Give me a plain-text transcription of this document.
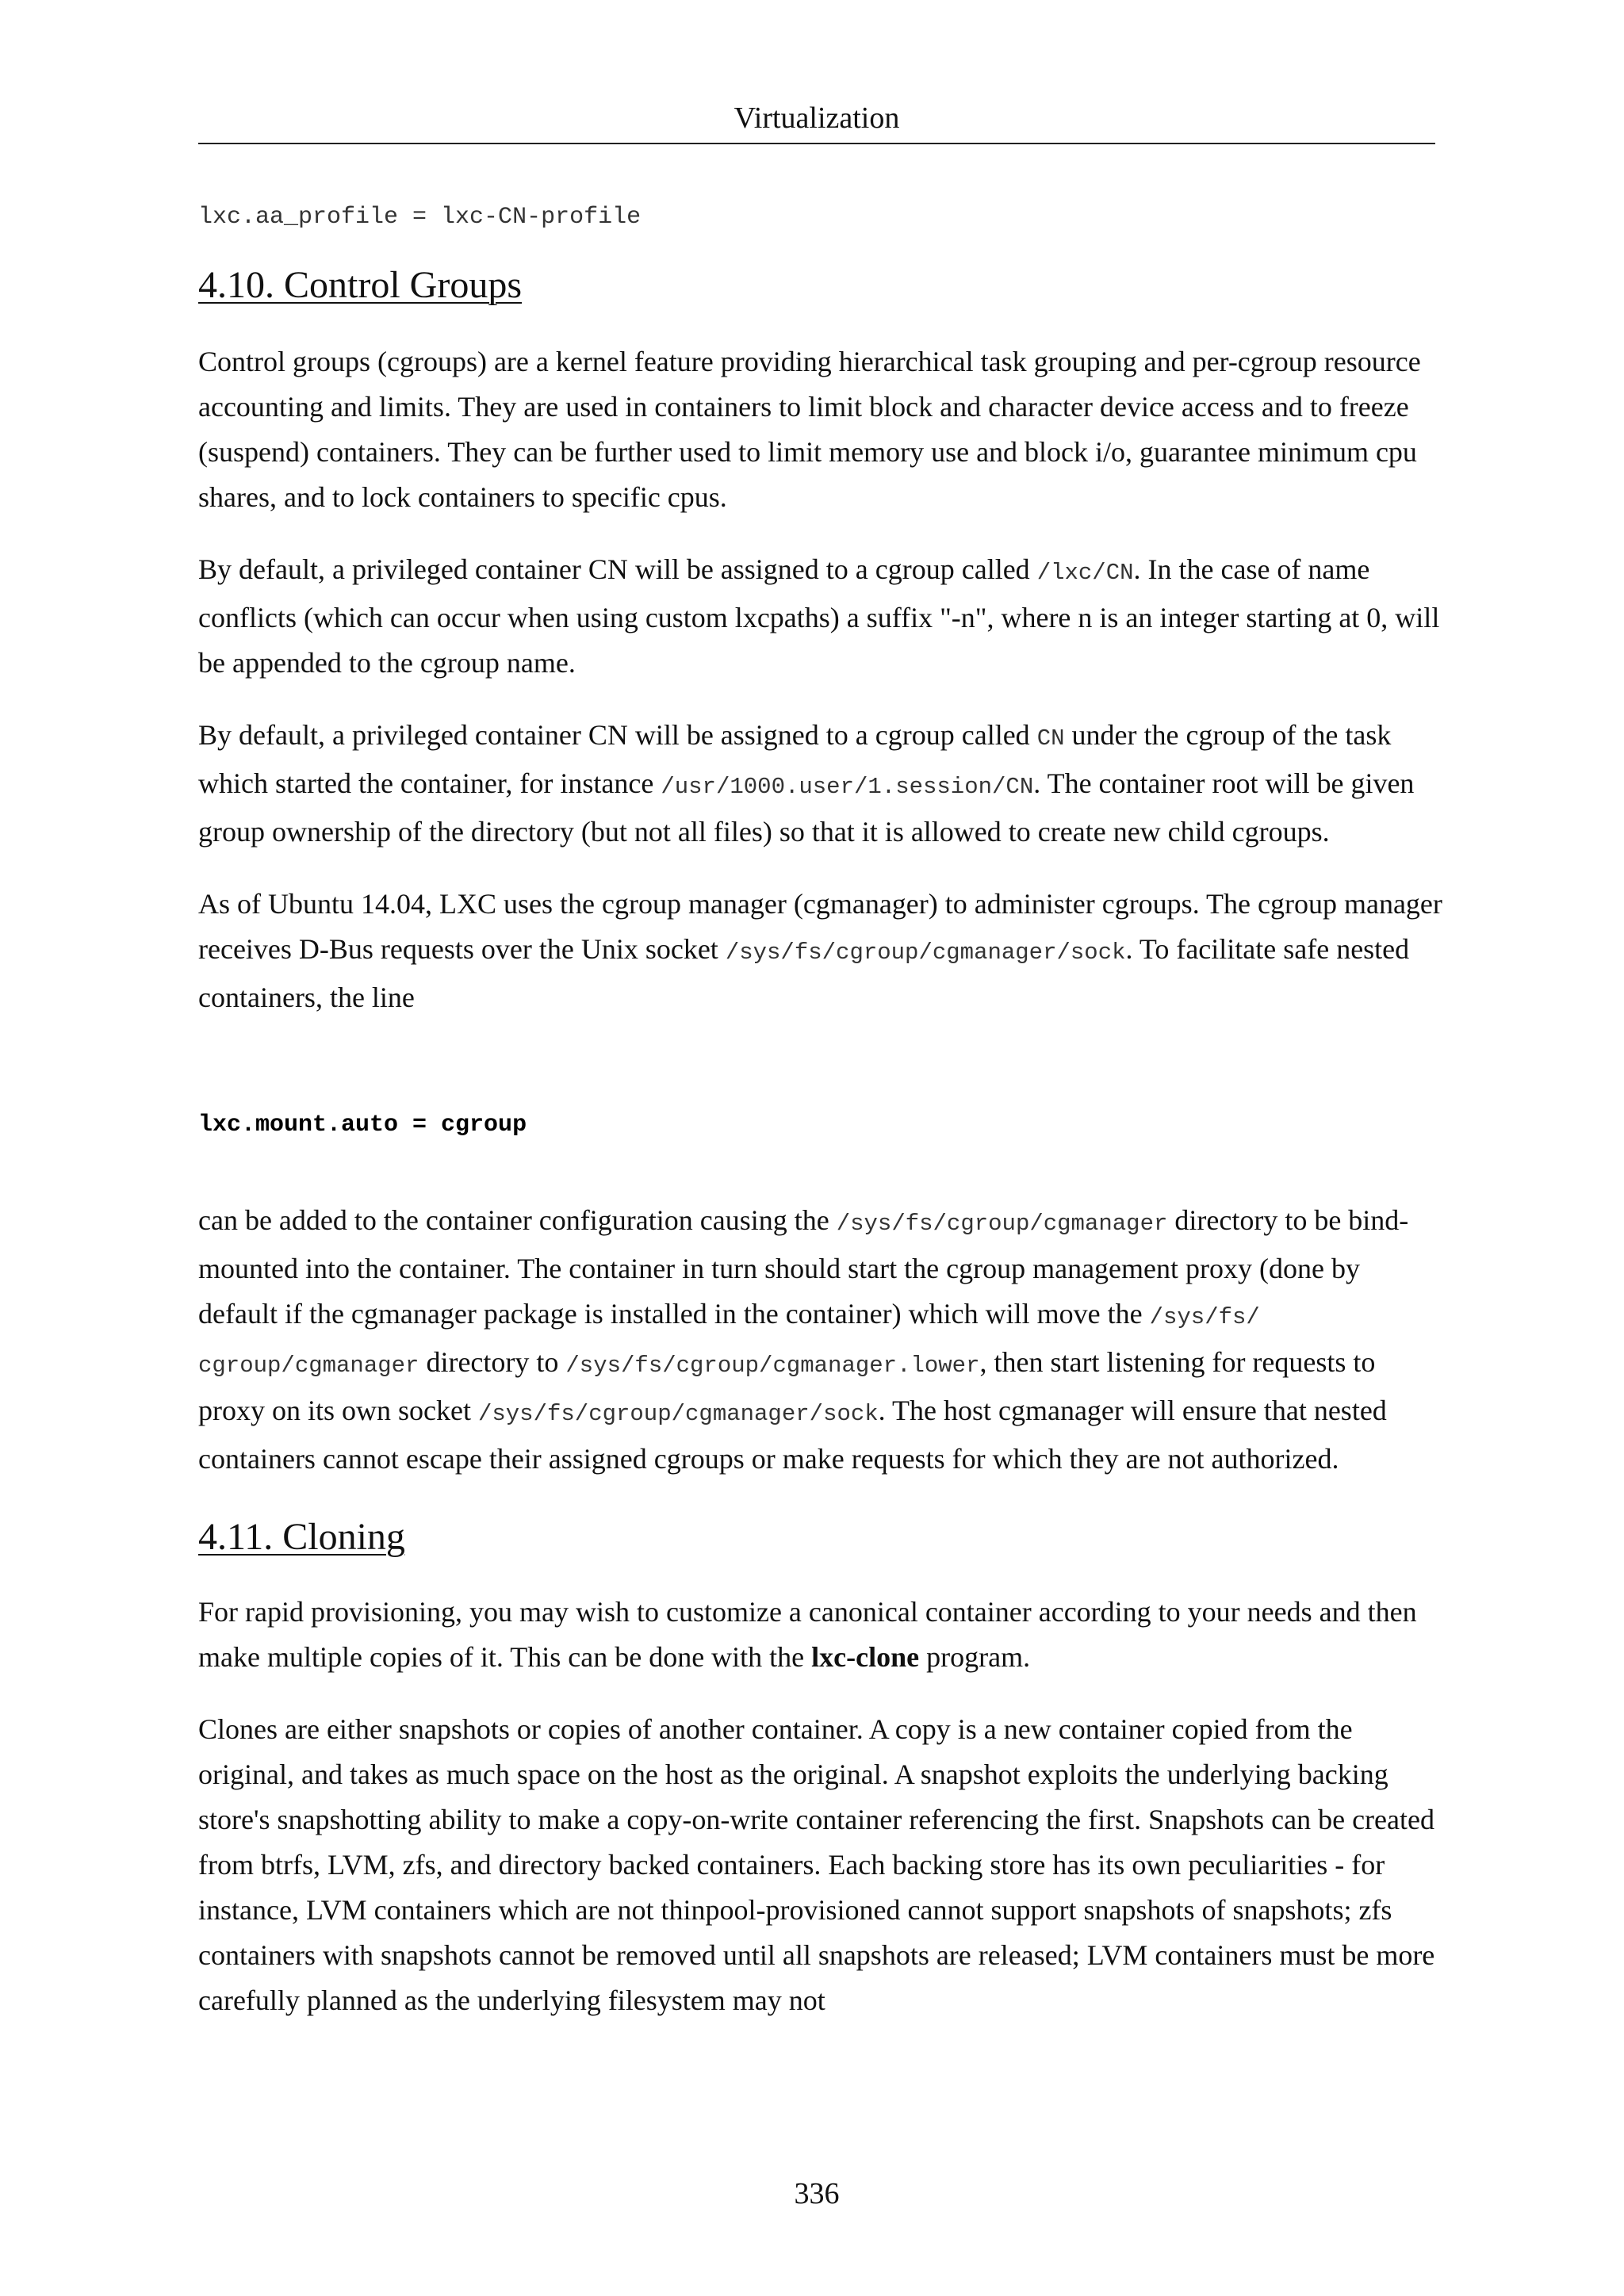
Virtualization
lxc.aa_profile = lxc-CN-profile
4.10. Control Groups

Control groups (cgroups) are a kernel feature providing hierarchical task grouping and per-cgroup resource accounting and limits. They are used in containers to limit block and character device access and to freeze (suspend) containers. They can be further used to limit memory use and block i/o, guarantee minimum cpu shares, and to lock containers to specific cpus.

By default, a privileged container CN will be assigned to a cgroup called /lxc/CN. In the case of name conflicts (which can occur when using custom lxcpaths) a suffix "-n", where n is an integer starting at 0, will be appended to the cgroup name.

By default, a privileged container CN will be assigned to a cgroup called CN under the cgroup of the task which started the container, for instance /usr/1000.user/1.session/CN. The container root will be given group ownership of the directory (but not all files) so that it is allowed to create new child cgroups.

As of Ubuntu 14.04, LXC uses the cgroup manager (cgmanager) to administer cgroups. The cgroup manager receives D-Bus requests over the Unix socket /sys/fs/cgroup/cgmanager/sock. To facilitate safe nested containers, the line

lxc.mount.auto = cgroup

can be added to the container configuration causing the /sys/fs/cgroup/cgmanager directory to be bind-mounted into the container. The container in turn should start the cgroup management proxy (done by default if the cgmanager package is installed in the container) which will move the /sys/fs/ cgroup/cgmanager directory to /sys/fs/cgroup/cgmanager.lower, then start listening for requests to proxy on its own socket /sys/fs/cgroup/cgmanager/sock. The host cgmanager will ensure that nested containers cannot escape their assigned cgroups or make requests for which they are not authorized.

4.11. Cloning

For rapid provisioning, you may wish to customize a canonical container according to your needs and then make multiple copies of it. This can be done with the lxc-clone program.

Clones are either snapshots or copies of another container. A copy is a new container copied from the original, and takes as much space on the host as the original. A snapshot exploits the underlying backing store's snapshotting ability to make a copy-on-write container referencing the first. Snapshots can be created from btrfs, LVM, zfs, and directory backed containers. Each backing store has its own peculiarities - for instance, LVM containers which are not thinpool-provisioned cannot support snapshots of snapshots; zfs containers with snapshots cannot be removed until all snapshots are released; LVM containers must be more carefully planned as the underlying filesystem may not

336
